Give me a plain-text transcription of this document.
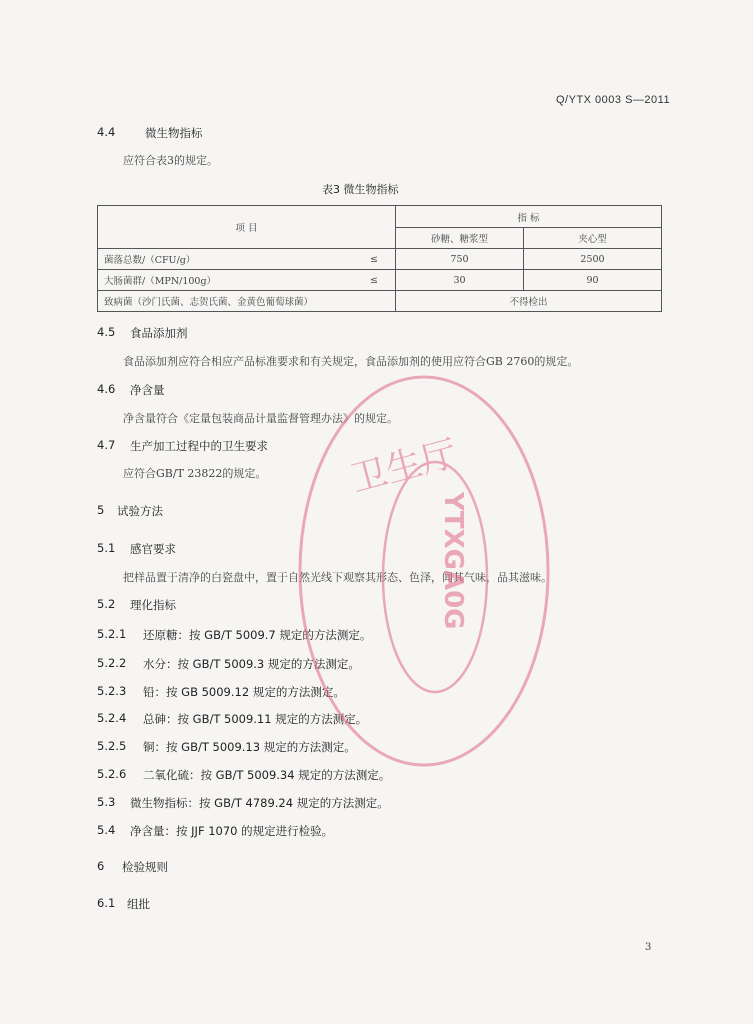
Q/YTX 0003 S—2011
4.4	微生物指标
应符合表3的规定。
表3 微生物指标
项 目		指 标	
		砂糖、糖浆型	夹心型
菌落总数/（CFU/g）	≤	750	2500
大肠菌群/（MPN/100g）	≤	30	90
致病菌（沙门氏菌、志贺氏菌、金黄色葡萄球菌）		不得检出	
4.5 食品添加剂
食品添加剂应符合相应产品标准要求和有关规定，食品添加剂的使用应符合GB 2760的规定。
4.6 净含量
净含量符合《定量包装商品计量监督管理办法》的规定。
4.7 生产加工过程中的卫生要求
应符合GB/T 23822的规定。
5 试验方法
5.1 感官要求
把样品置于清净的白瓷盘中，置于自然光线下观察其形态、色泽，闻其气味，品其滋味。
5.2 理化指标
5.2.1 还原糖：按 GB/T 5009.7 规定的方法测定。
5.2.2 水分：按 GB/T 5009.3 规定的方法测定。
5.2.3 铅：按 GB 5009.12 规定的方法测定。
5.2.4 总砷：按 GB/T 5009.11 规定的方法测定。
5.2.5 铜：按 GB/T 5009.13 规定的方法测定。
5.2.6 二氧化硫：按 GB/T 5009.34 规定的方法测定。
5.3 微生物指标：按 GB/T 4789.24 规定的方法测定。
5.4 净含量：按 JJF 1070 的规定进行检验。
6 检验规则
6.1 组批
3
卫生厅
YTXGA0G
